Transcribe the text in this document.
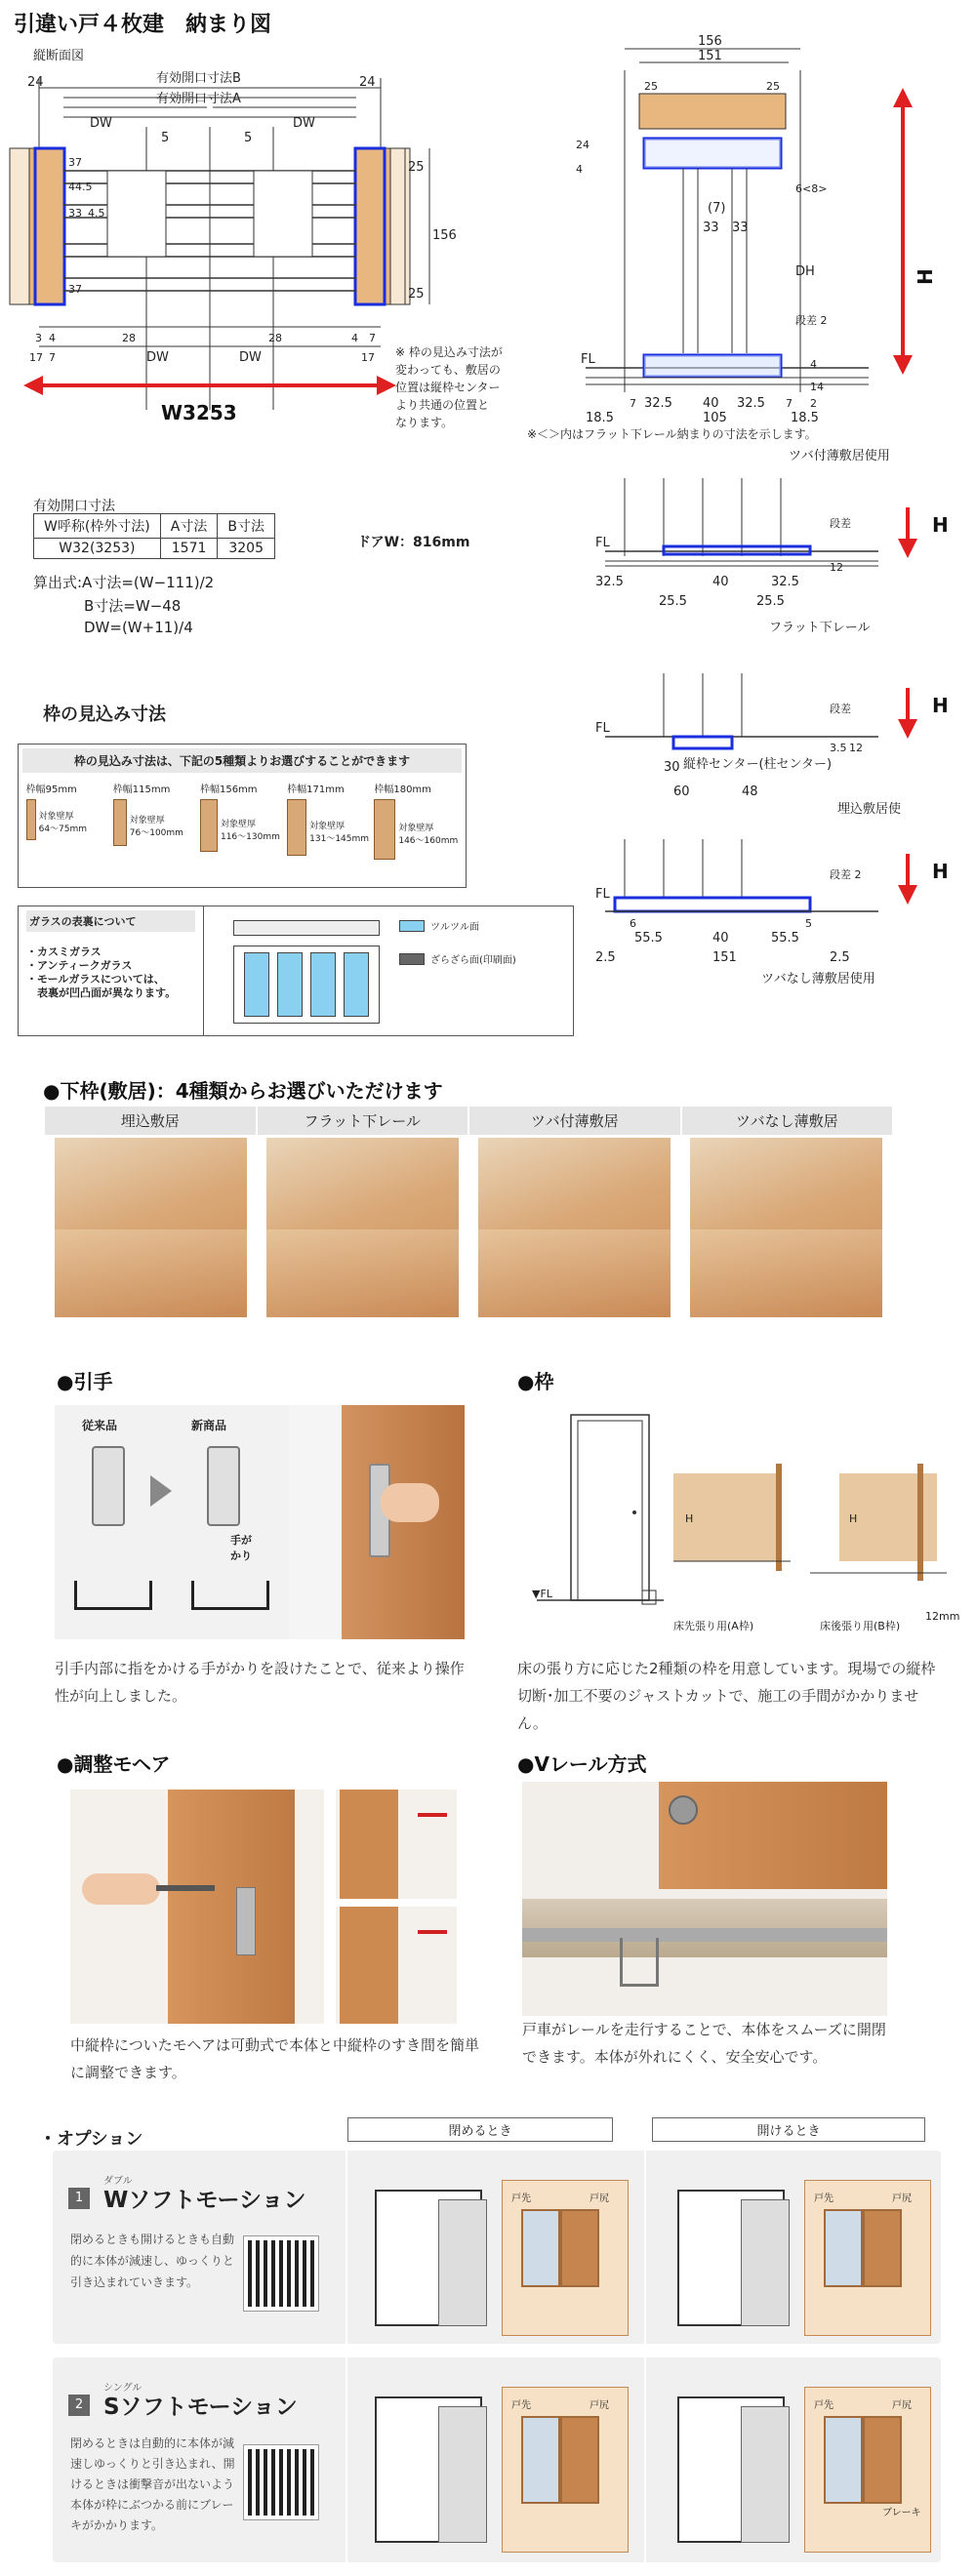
引違い戸４枚建　納まり図
縦断面図
24	24
有効開口寸法B
有効開口寸法A
DW	DW
5	5
37
44.5
33 4.5
37
25
156
25
3 4	28	28	4 7
17 7	DW	DW	17
W3253
※ 枠の見込み寸法が
変わっても、敷居の
位置は縦枠センター
より共通の位置と
なります。
156
151
25	25
24
4
6<8>
(7)
33 33
DH
段差 2
FL	4
14
7 32.5 40 32.5 7 2
18.5	105	18.5
H
※＜＞内はフラット下レール納まりの寸法を示します。
ツバ付薄敷居使用
有効開口寸法
W呼称(枠外寸法)	A寸法	B寸法
W32(3253)	1571	3205	ドアW：816mm
算出式:A寸法=(W−111)/2
B寸法=W−48
DW=(W+11)/4
FL
段差
12
H
32.5	40	32.5
25.5	25.5
FL
段差
3.5 12
H
30
60	48
FL
段差 2	H
6	5
55.5	40	55.5
2.5	151	2.5
フラット下レール
縦枠センター(柱センター)
埋込敷居使
ツバなし薄敷居使用
枠の見込み寸法
枠の見込み寸法は、下記の5種類よりお選びすることができます
枠幅95mm
対象壁厚
64〜75mm
枠幅115mm
対象壁厚
76〜100mm
枠幅156mm
対象壁厚
116〜130mm
枠幅171mm
対象壁厚
131〜145mm
枠幅180mm
対象壁厚
146〜160mm
ガラスの表裏について
・カスミガラス
・アンティークガラス
・モールガラスについては、
　表裏が凹凸面が異なります。
ツルツル面
ざらざら面(印刷面)
●下枠(敷居)：4種類からお選びいただけます
埋込敷居	フラット下レール	ツバ付薄敷居	ツバなし薄敷居
●引手
従来品	新商品
手がかり
引手内部に指をかける手がかりを設けたことで、従来より操作性が向上しました。
●枠
▼FL
H	H
床先張り用(A枠)	床後張り用(B枠)
12mm
床の張り方に応じた2種類の枠を用意しています。現場での縦枠切断･加工不要のジャストカットで、施工の手間がかかりません。
●調整モヘア
中縦枠についたモヘアは可動式で本体と中縦枠のすき間を簡単に調整できます。
●Vレール方式
戸車がレールを走行することで、本体をスムーズに開閉できます。本体が外れにくく、安全安心です。
・オプション	閉めるとき	開けるとき
1
ダブル
Wソフトモーション
閉めるときも開けるときも自動的に本体が減速し、ゆっくりと引き込まれていきます。
戸先	戸尻	戸先	戸尻
2
シングル
Sソフトモーション
閉めるときは自動的に本体が減速しゆっくりと引き込まれ、開けるときは衝撃音が出ないよう本体が枠にぶつかる前にブレーキがかかります。
戸先	戸尻	戸先	戸尻
ブレーキ
